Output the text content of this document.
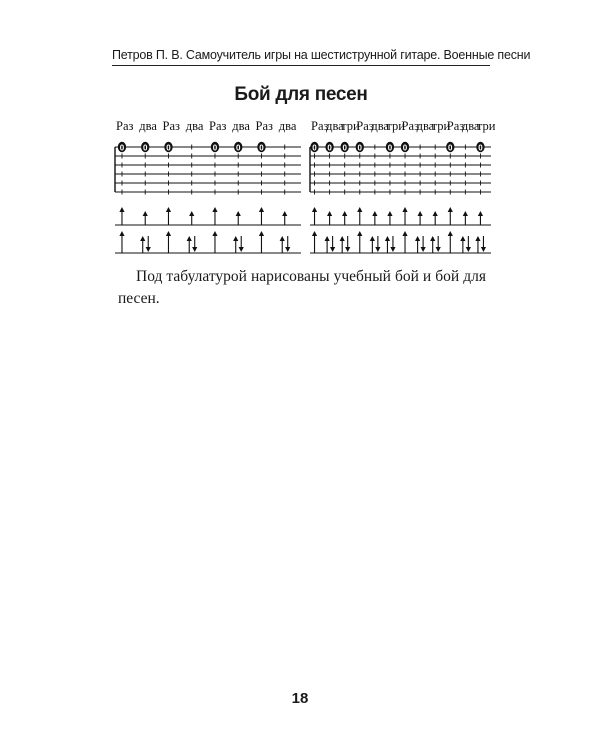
Петров П. В. Самоучитель игры на шестиструнной гитаре. Военные песни
Бой для песен
Раз два Раз два Раз два Раз два
0 0 0	0 0 0
Раз
два
три
Раз
два
три
Раз
два
три
Раз
два
три
0 0 0 0	0 0	0	0
Под табулатурой нарисованы учебный бой и бой для песен.
18
